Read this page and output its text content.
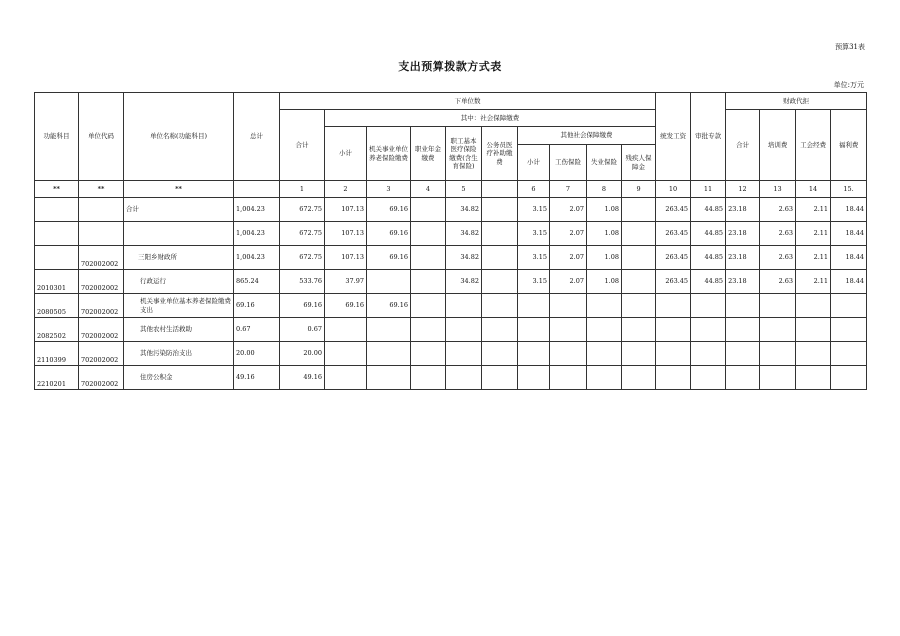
预算31表
支出预算拨款方式表
单位:万元
功能科目	单位代码	单位名称(功能科目)	总计	下单位数										统发工资	审批专款	财政代拒			
				合计	其中：社会保障缴费											合计	培训费	工会经费	福利费
					小计	机关事业单位养老保险缴费	职业年金缴费	职工基本医疗保险缴费(含生育保险)	公务员医疗补助缴费	其他社会保障缴费									
										小计	工伤保险	失业保险	残疾人保障金						
**	**	**		1	2	3	4	5		6	7	8	9	10	11	12	13	14	15.
		合计	1,004.23	672.75	107.13	69.16		34.82		3.15	2.07	1.08		263.45	44.85	23.18	2.63	2.11	18.44
			1,004.23	672.75	107.13	69.16		34.82		3.15	2.07	1.08		263.45	44.85	23.18	2.63	2.11	18.44
	702002002	三阳乡财政所	1,004.23	672.75	107.13	69.16		34.82		3.15	2.07	1.08		263.45	44.85	23.18	2.63	2.11	18.44
2010301	702002002	行政运行	865.24	533.76	37.97			34.82		3.15	2.07	1.08		263.45	44.85	23.18	2.63	2.11	18.44
2080505	702002002	机关事业单位基本养老保险缴费支出	69.16	69.16	69.16	69.16													
2082502	702002002	其他农村生活救助	0.67	0.67															
2110399	702002002	其他污染防治支出	20.00	20.00															
2210201	702002002	住房公积金	49.16	49.16															
